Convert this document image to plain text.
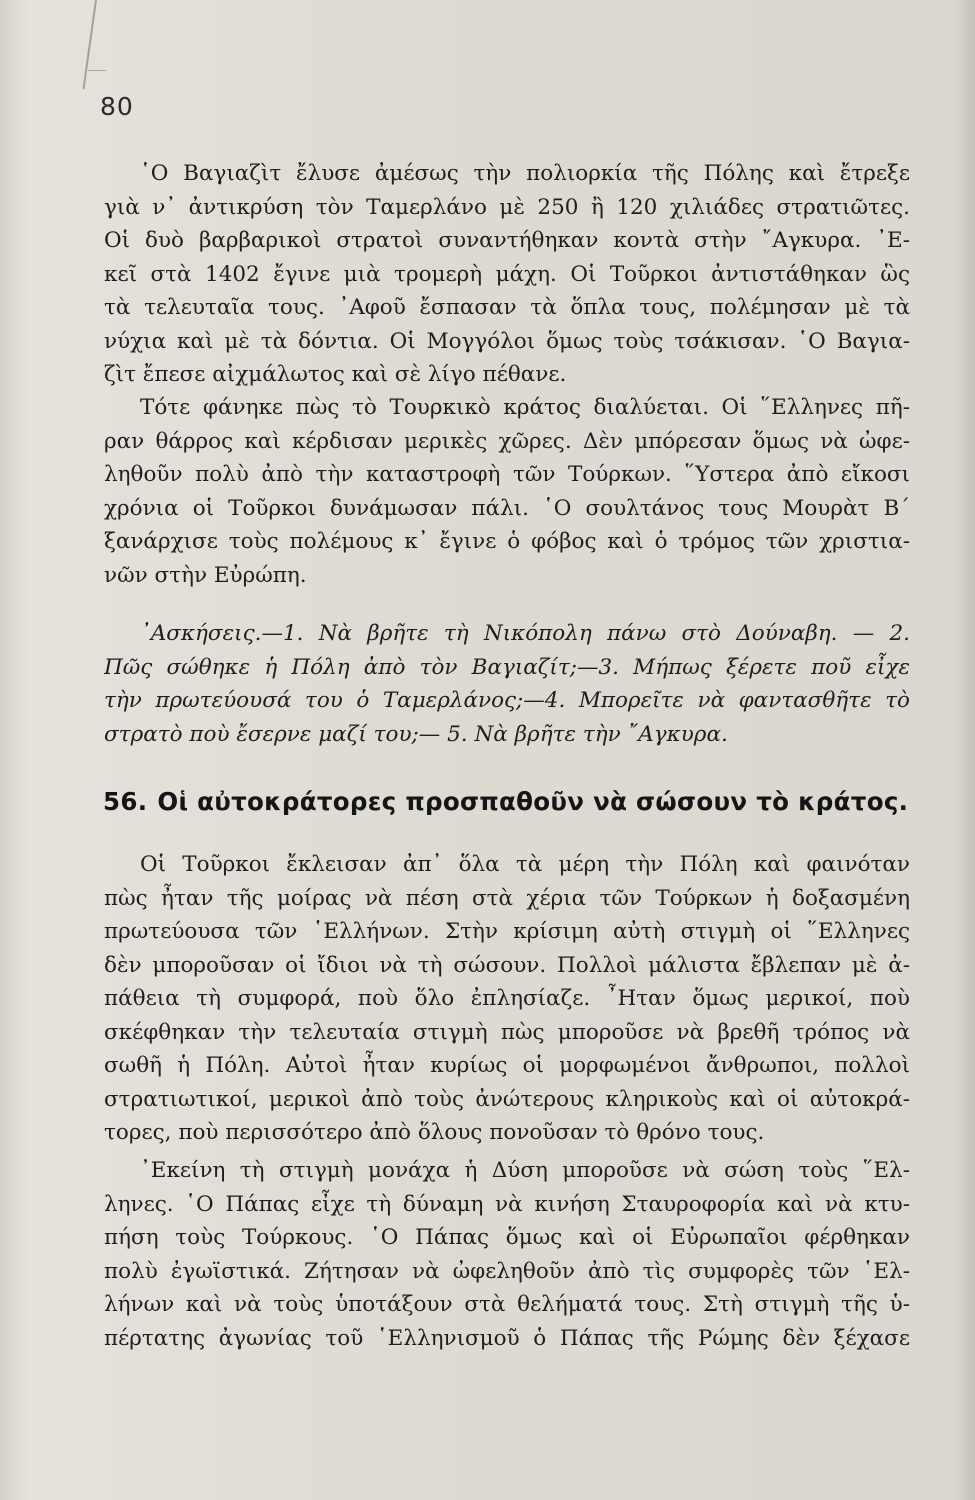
80
῾Ο Βαγιαζὶτ ἔλυσε ἀμέσως τὴν πολιορκία τῆς Πόλης καὶ ἔτρεξε
γιὰ ν᾿ ἀντικρύση τὸν Ταμερλάνο μὲ 250 ἢ 120 χιλιάδες στρατιῶτες.
Οἱ δυὸ βαρβαρικοὶ στρατοὶ συναντήθηκαν κοντὰ στὴν ῎Αγκυρα. ᾿Ε-
κεῖ στὰ 1402 ἔγινε μιὰ τρομερὴ μάχη. Οἱ Τοῦρκοι ἀντιστάθηκαν ὣς
τὰ τελευταῖα τους. ᾿Αφοῦ ἔσπασαν τὰ ὅπλα τους, πολέμησαν μὲ τὰ
νύχια καὶ μὲ τὰ δόντια. Οἱ Μογγόλοι ὅμως τοὺς τσάκισαν. ῾Ο Βαγια-
ζὶτ ἔπεσε αἰχμάλωτος καὶ σὲ λίγο πέθανε.
Τότε φάνηκε πὼς τὸ Τουρκικὸ κράτος διαλύεται. Οἱ ῞Ελληνες πῆ-
ραν θάρρος καὶ κέρδισαν μερικὲς χῶρες. Δὲν μπόρεσαν ὅμως νὰ ὠφε-
ληθοῦν πολὺ ἀπὸ τὴν καταστροφὴ τῶν Τούρκων. ῞Υστερα ἀπὸ εἴκοσι
χρόνια οἱ Τοῦρκοι δυνάμωσαν πάλι. ῾Ο σουλτάνος τους Μουρὰτ Β΄
ξανάρχισε τοὺς πολέμους κ᾿ ἔγινε ὁ φόβος καὶ ὁ τρόμος τῶν χριστια-
νῶν στὴν Εὐρώπη.
᾿Ασκήσεις.—1. Νὰ βρῆτε τὴ Νικόπολη πάνω στὸ Δούναβη. — 2.
Πῶς σώθηκε ἡ Πόλη ἀπὸ τὸν Βαγιαζίτ;—3. Μήπως ξέρετε ποῦ εἶχε
τὴν πρωτεύουσά του ὁ Ταμερλάνος;—4. Μπορεῖτε νὰ φαντασθῆτε τὸ
στρατὸ ποὺ ἔσερνε μαζί του;— 5. Νὰ βρῆτε τὴν ῎Αγκυρα.
56. Οἱ αὐτοκράτορες προσπαθοῦν νὰ σώσουν τὸ κράτος.
Οἱ Τοῦρκοι ἔκλεισαν ἀπ᾿ ὅλα τὰ μέρη τὴν Πόλη καὶ φαινόταν
πὼς ἦταν τῆς μοίρας νὰ πέση στὰ χέρια τῶν Τούρκων ἡ δοξασμένη
πρωτεύουσα τῶν ῾Ελλήνων. Στὴν κρίσιμη αὐτὴ στιγμὴ οἱ ῞Ελληνες
δὲν μποροῦσαν οἱ ἴδιοι νὰ τὴ σώσουν. Πολλοὶ μάλιστα ἔβλεπαν μὲ ἀ-
πάθεια τὴ συμφορά, ποὺ ὅλο ἐπλησίαζε. ῏Ηταν ὅμως μερικοί, ποὺ
σκέφθηκαν τὴν τελευταία στιγμὴ πὼς μποροῦσε νὰ βρεθῆ τρόπος νὰ
σωθῆ ἡ Πόλη. Αὐτοὶ ἦταν κυρίως οἱ μορφωμένοι ἄνθρωποι, πολλοὶ
στρατιωτικοί, μερικοὶ ἀπὸ τοὺς ἀνώτερους κληρικοὺς καὶ οἱ αὐτοκρά-
τορες, ποὺ περισσότερο ἀπὸ ὅλους πονοῦσαν τὸ θρόνο τους.
᾿Εκείνη τὴ στιγμὴ μονάχα ἡ Δύση μποροῦσε νὰ σώση τοὺς ῞Ελ-
ληνες. ῾Ο Πάπας εἶχε τὴ δύναμη νὰ κινήση Σταυροφορία καὶ νὰ κτυ-
πήση τοὺς Τούρκους. ῾Ο Πάπας ὅμως καὶ οἱ Εὐρωπαῖοι φέρθηκαν
πολὺ ἐγωϊστικά. Ζήτησαν νὰ ὠφεληθοῦν ἀπὸ τὶς συμφορὲς τῶν ῾Ελ-
λήνων καὶ νὰ τοὺς ὑποτάξουν στὰ θελήματά τους. Στὴ στιγμὴ τῆς ὑ-
πέρτατης ἀγωνίας τοῦ ῾Ελληνισμοῦ ὁ Πάπας τῆς Ρώμης δὲν ξέχασε
